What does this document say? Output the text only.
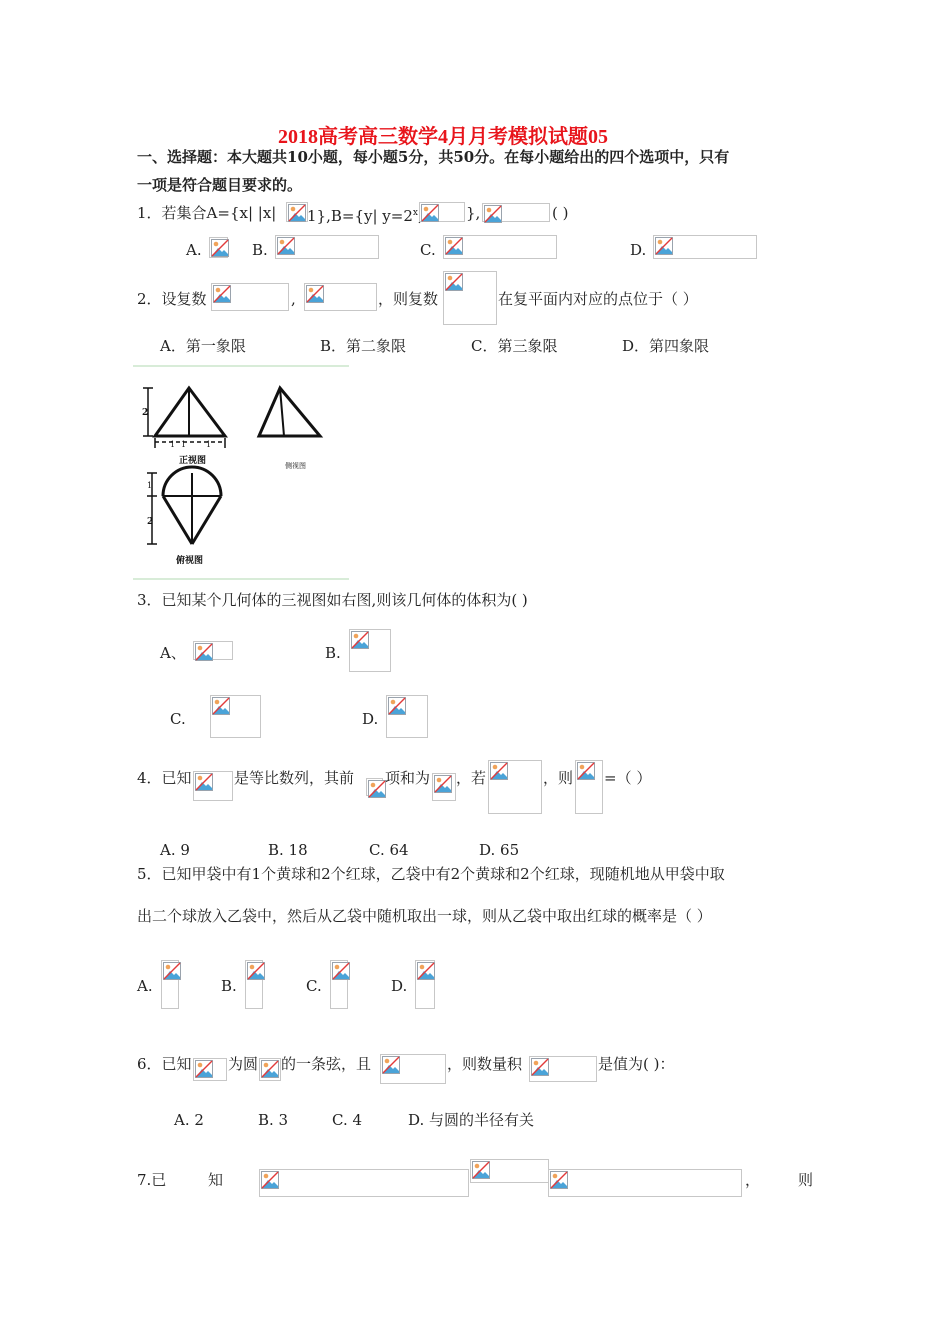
2018高考高三数学4月月考模拟试题05
一、选择题：本大题共10小题，每小题5分，共50分。在每小题给出的四个选项中，只有
一项是符合题目要求的。
1．若集合A={x| |x| 1},B={y| $y=2^x$	},	( )
A.	B.	C.	D.
2．设复数	,	，则复数	在复平面内对应的点位于（ ）
A．第一象限	B．第二象限	C．第三象限	D．第四象限
2
1 1 1
正视图	侧视图
1
2
俯视图
3．已知某个几何体的三视图如右图,则该几何体的体积为( )
A、	B.
C.	D.
4．已知	是等比数列，其前 项和为 ，若	，则 =（ ）
A. 9	B. 18	C. 64	D. 65
5．已知甲袋中有1个黄球和2个红球，乙袋中有2个黄球和2个红球，现随机地从甲袋中取
出二个球放入乙袋中，然后从乙袋中随机取出一球，则从乙袋中取出红球的概率是（ ）
A.	B.	C.	D.
6．已知 为圆 的一条弦，且	，则数量积	是值为( )：
A. 2	B. 3	C. 4	D. 与圆的半径有关
7.已	知	，	则
